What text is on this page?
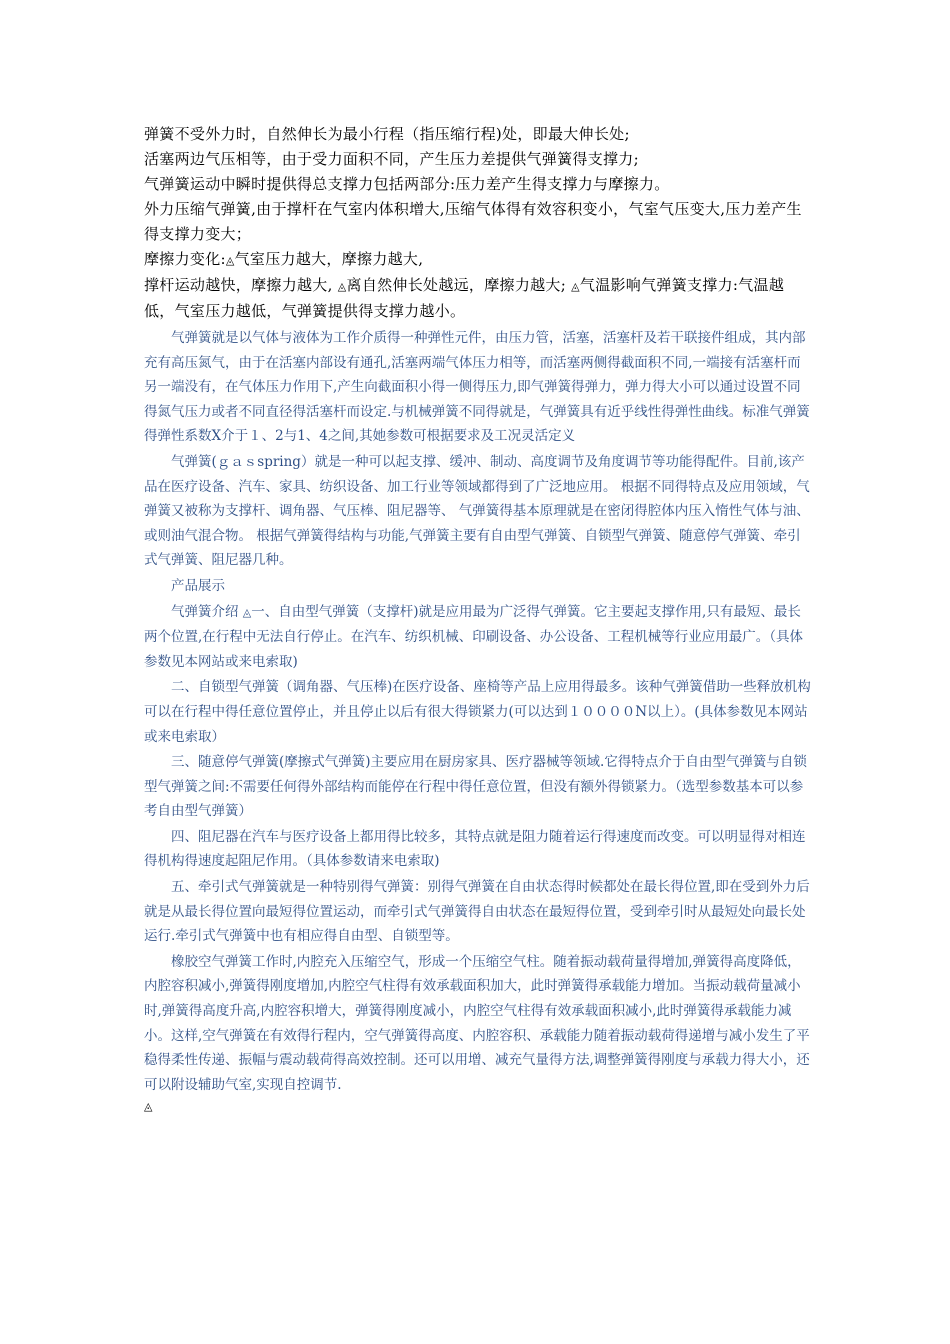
弹簧不受外力时，自然伸长为最小行程（指压缩行程)处，即最大伸长处;

活塞两边气压相等，由于受力面积不同，产生压力差提供气弹簧得支撑力;

气弹簧运动中瞬时提供得总支撑力包括两部分:压力差产生得支撑力与摩擦力。

外力压缩气弹簧,由于撑杆在气室内体积增大,压缩气体得有效容积变小，气室气压变大,压力差产生得支撑力变大；

摩擦力变化:◬气室压力越大，摩擦力越大,

撑杆运动越快，摩擦力越大, ◬离自然伸长处越远，摩擦力越大; ◬气温影响气弹簧支撑力:气温越低，气室压力越低，气弹簧提供得支撑力越小。

气弹簧就是以气体与液体为工作介质得一种弹性元件，由压力管，活塞，活塞杆及若干联接件组成，其内部充有高压氮气，由于在活塞内部设有通孔,活塞两端气体压力相等，而活塞两侧得截面积不同,一端接有活塞杆而另一端没有，在气体压力作用下,产生向截面积小得一侧得压力,即气弹簧得弹力，弹力得大小可以通过设置不同得氮气压力或者不同直径得活塞杆而设定.与机械弹簧不同得就是，气弹簧具有近乎线性得弹性曲线。标准气弹簧得弹性系数X介于１、2与1、4之间,其她参数可根据要求及工况灵活定义

气弹簧(ｇａｓspring）就是一种可以起支撑、缓冲、制动、高度调节及角度调节等功能得配件。目前,该产品在医疗设备、汽车、家具、纺织设备、加工行业等领域都得到了广泛地应用。 根据不同得特点及应用领域，气弹簧又被称为支撑杆、调角器、气压棒、阻尼器等、 气弹簧得基本原理就是在密闭得腔体内压入惰性气体与油、或则油气混合物。 根据气弹簧得结构与功能,气弹簧主要有自由型气弹簧、自锁型气弹簧、随意停气弹簧、牵引式气弹簧、阻尼器几种。

产品展示

气弹簧介绍 ◬一、自由型气弹簧（支撑杆)就是应用最为广泛得气弹簧。它主要起支撑作用,只有最短、最长两个位置,在行程中无法自行停止。在汽车、纺织机械、印刷设备、办公设备、工程机械等行业应用最广。（具体参数见本网站或来电索取)

二、自锁型气弹簧（调角器、气压棒)在医疗设备、座椅等产品上应用得最多。该种气弹簧借助一些释放机构可以在行程中得任意位置停止，并且停止以后有很大得锁紧力(可以达到１００００N以上）。(具体参数见本网站或来电索取）

三、随意停气弹簧(摩擦式气弹簧)主要应用在厨房家具、医疗器械等领域.它得特点介于自由型气弹簧与自锁型气弹簧之间:不需要任何得外部结构而能停在行程中得任意位置，但没有额外得锁紧力。（选型参数基本可以参考自由型气弹簧）

四、阻尼器在汽车与医疗设备上都用得比较多，其特点就是阻力随着运行得速度而改变。可以明显得对相连得机构得速度起阻尼作用。（具体参数请来电索取)

五、牵引式气弹簧就是一种特别得气弹簧：别得气弹簧在自由状态得时候都处在最长得位置,即在受到外力后就是从最长得位置向最短得位置运动，而牵引式气弹簧得自由状态在最短得位置，受到牵引时从最短处向最长处运行.牵引式气弹簧中也有相应得自由型、自锁型等。

橡胶空气弹簧工作时,内腔充入压缩空气，形成一个压缩空气柱。随着振动载荷量得增加,弹簧得高度降低，内腔容积减小,弹簧得刚度增加,内腔空气柱得有效承载面积加大，此时弹簧得承载能力增加。当振动载荷量减小时,弹簧得高度升高,内腔容积增大，弹簧得刚度减小，内腔空气柱得有效承载面积减小,此时弹簧得承载能力减小。这样,空气弹簧在有效得行程内，空气弹簧得高度、内腔容积、承载能力随着振动载荷得递增与减小发生了平稳得柔性传递、振幅与震动载荷得高效控制。还可以用增、减充气量得方法,调整弹簧得刚度与承载力得大小，还可以附设辅助气室,实现自控调节.

◬
